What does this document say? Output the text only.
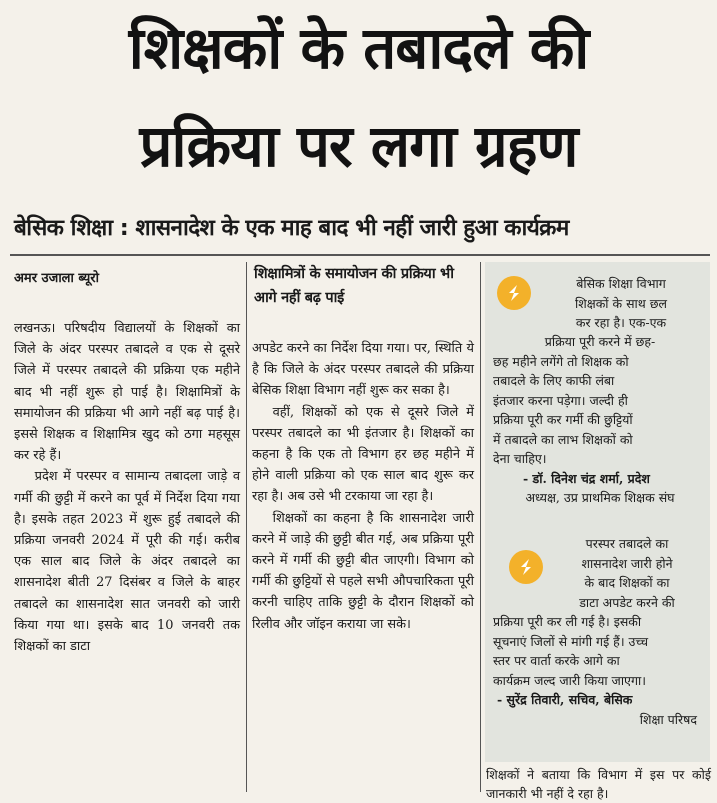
शिक्षकों के तबादले की
प्रक्रिया पर लगा ग्रहण
बेसिक शिक्षा : शासनादेश के एक माह बाद भी नहीं जारी हुआ कार्यक्रम
अमर उजाला ब्यूरो

लखनऊ। परिषदीय विद्यालयों के शिक्षकों का जिले के अंदर परस्पर तबादले व एक से दूसरे जिले में परस्पर तबादले की प्रक्रिया एक महीने बाद भी नहीं शुरू हो पाई है। शिक्षामित्रों के समायोजन की प्रक्रिया भी आगे नहीं बढ़ पाई है। इससे शिक्षक व शिक्षामित्र खुद को ठगा महसूस कर रहे हैं।

प्रदेश में परस्पर व सामान्य तबादला जाड़े व गर्मी की छुट्टी में करने का पूर्व में निर्देश दिया गया है। इसके तहत 2023 में शुरू हुई तबादले की प्रक्रिया जनवरी 2024 में पूरी की गई। करीब एक साल बाद जिले के अंदर तबादले का शासनादेश बीती 27 दिसंबर व जिले के बाहर तबादले का शासनादेश सात जनवरी को जारी किया गया था। इसके बाद 10 जनवरी तक शिक्षकों का डाटा

शिक्षामित्रों के समायोजन की प्रक्रिया भी आगे नहीं बढ़ पाई

अपडेट करने का निर्देश दिया गया। पर, स्थिति ये है कि जिले के अंदर परस्पर तबादले की प्रक्रिया बेसिक शिक्षा विभाग नहीं शुरू कर सका है।

वहीं, शिक्षकों को एक से दूसरे जिले में परस्पर तबादले का भी इंतजार है। शिक्षकों का कहना है कि एक तो विभाग हर छह महीने में होने वाली प्रक्रिया को एक साल बाद शुरू कर रहा है। अब उसे भी टरकाया जा रहा है।

शिक्षकों का कहना है कि शासनादेश जारी करने में जाड़े की छुट्टी बीत गई, अब प्रक्रिया पूरी करने में गर्मी की छुट्टी बीत जाएगी। विभाग को गर्मी की छुट्टियों से पहले सभी औपचारिकता पूरी करनी चाहिए ताकि छुट्टी के दौरान शिक्षकों को रिलीव और जॉइन कराया जा सके।

बेसिक शिक्षा विभाग

शिक्षकों के साथ छल

कर रहा है। एक-एक

प्रक्रिया पूरी करने में छह-

छह महीने लगेंगे तो शिक्षक को

तबादले के लिए काफी लंबा

इंतजार करना पड़ेगा। जल्दी ही

प्रक्रिया पूरी कर गर्मी की छुट्टियों

में तबादले का लाभ शिक्षकों को

देना चाहिए।

- डॉ. दिनेश चंद्र शर्मा, प्रदेश

अध्यक्ष, उप्र प्राथमिक शिक्षक संघ

परस्पर तबादले का

शासनादेश जारी होने

के बाद शिक्षकों का

डाटा अपडेट करने की

प्रक्रिया पूरी कर ली गई है। इसकी

सूचनाएं जिलों से मांगी गई हैं। उच्च

स्तर पर वार्ता करके आगे का

कार्यक्रम जल्द जारी किया जाएगा।

- सुरेंद्र तिवारी, सचिव, बेसिक

शिक्षा परिषद

शिक्षकों ने बताया कि विभाग में इस पर कोई जानकारी भी नहीं दे रहा है।
